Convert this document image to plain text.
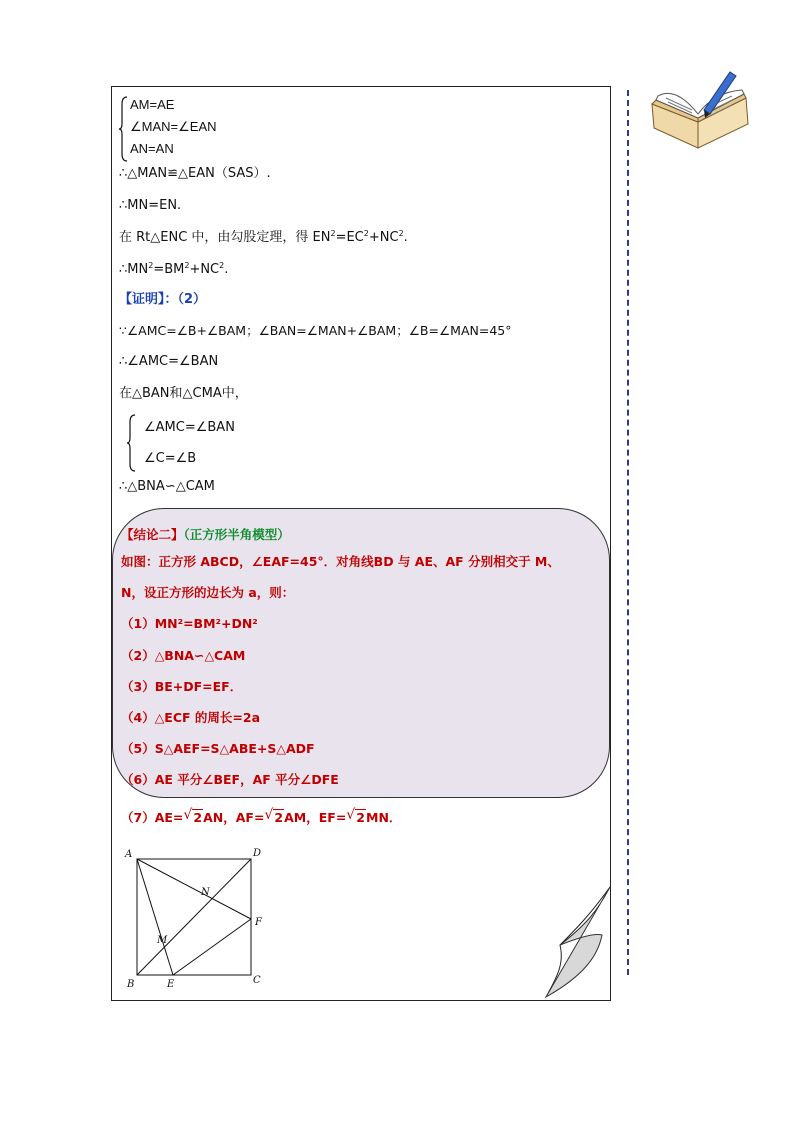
AM=AE
∠MAN=∠EAN
AN=AN
∴△MAN≌△EAN（SAS）.
∴MN=EN.
在 Rt△ENC 中，由勾股定理，得 $EN^2=EC^2+NC^2$.
$\therefore MN^2=BM^2+NC^2$.
【证明】：（2）
∵∠AMC=∠B+∠BAM；∠BAN=∠MAN+∠BAM；∠B=∠MAN=45°
∴∠AMC=∠BAN
在△BAN和△CMA中，
∠AMC=∠BAN
∠C=∠B
∴△BNA∽△CAM
【结论二】（正方形半角模型）
如图：正方形 ABCD，∠EAF=45°．对角线BD 与 AE、AF 分别相交于 M、
N，设正方形的边长为 a，则：
（1）MN²=BM²+DN²
（2）△BNA∽△CAM
（3）BE+DF=EF．
（4）△ECF 的周长=2a
（5）S△AEF=S△ABE+S△ADF
（6）AE 平分∠BEF，AF 平分∠DFE
（7）AE= √ 2AN，AF= √ 2AM，EF= √ 2MN．
A	D
N
F
M
B	E	C
